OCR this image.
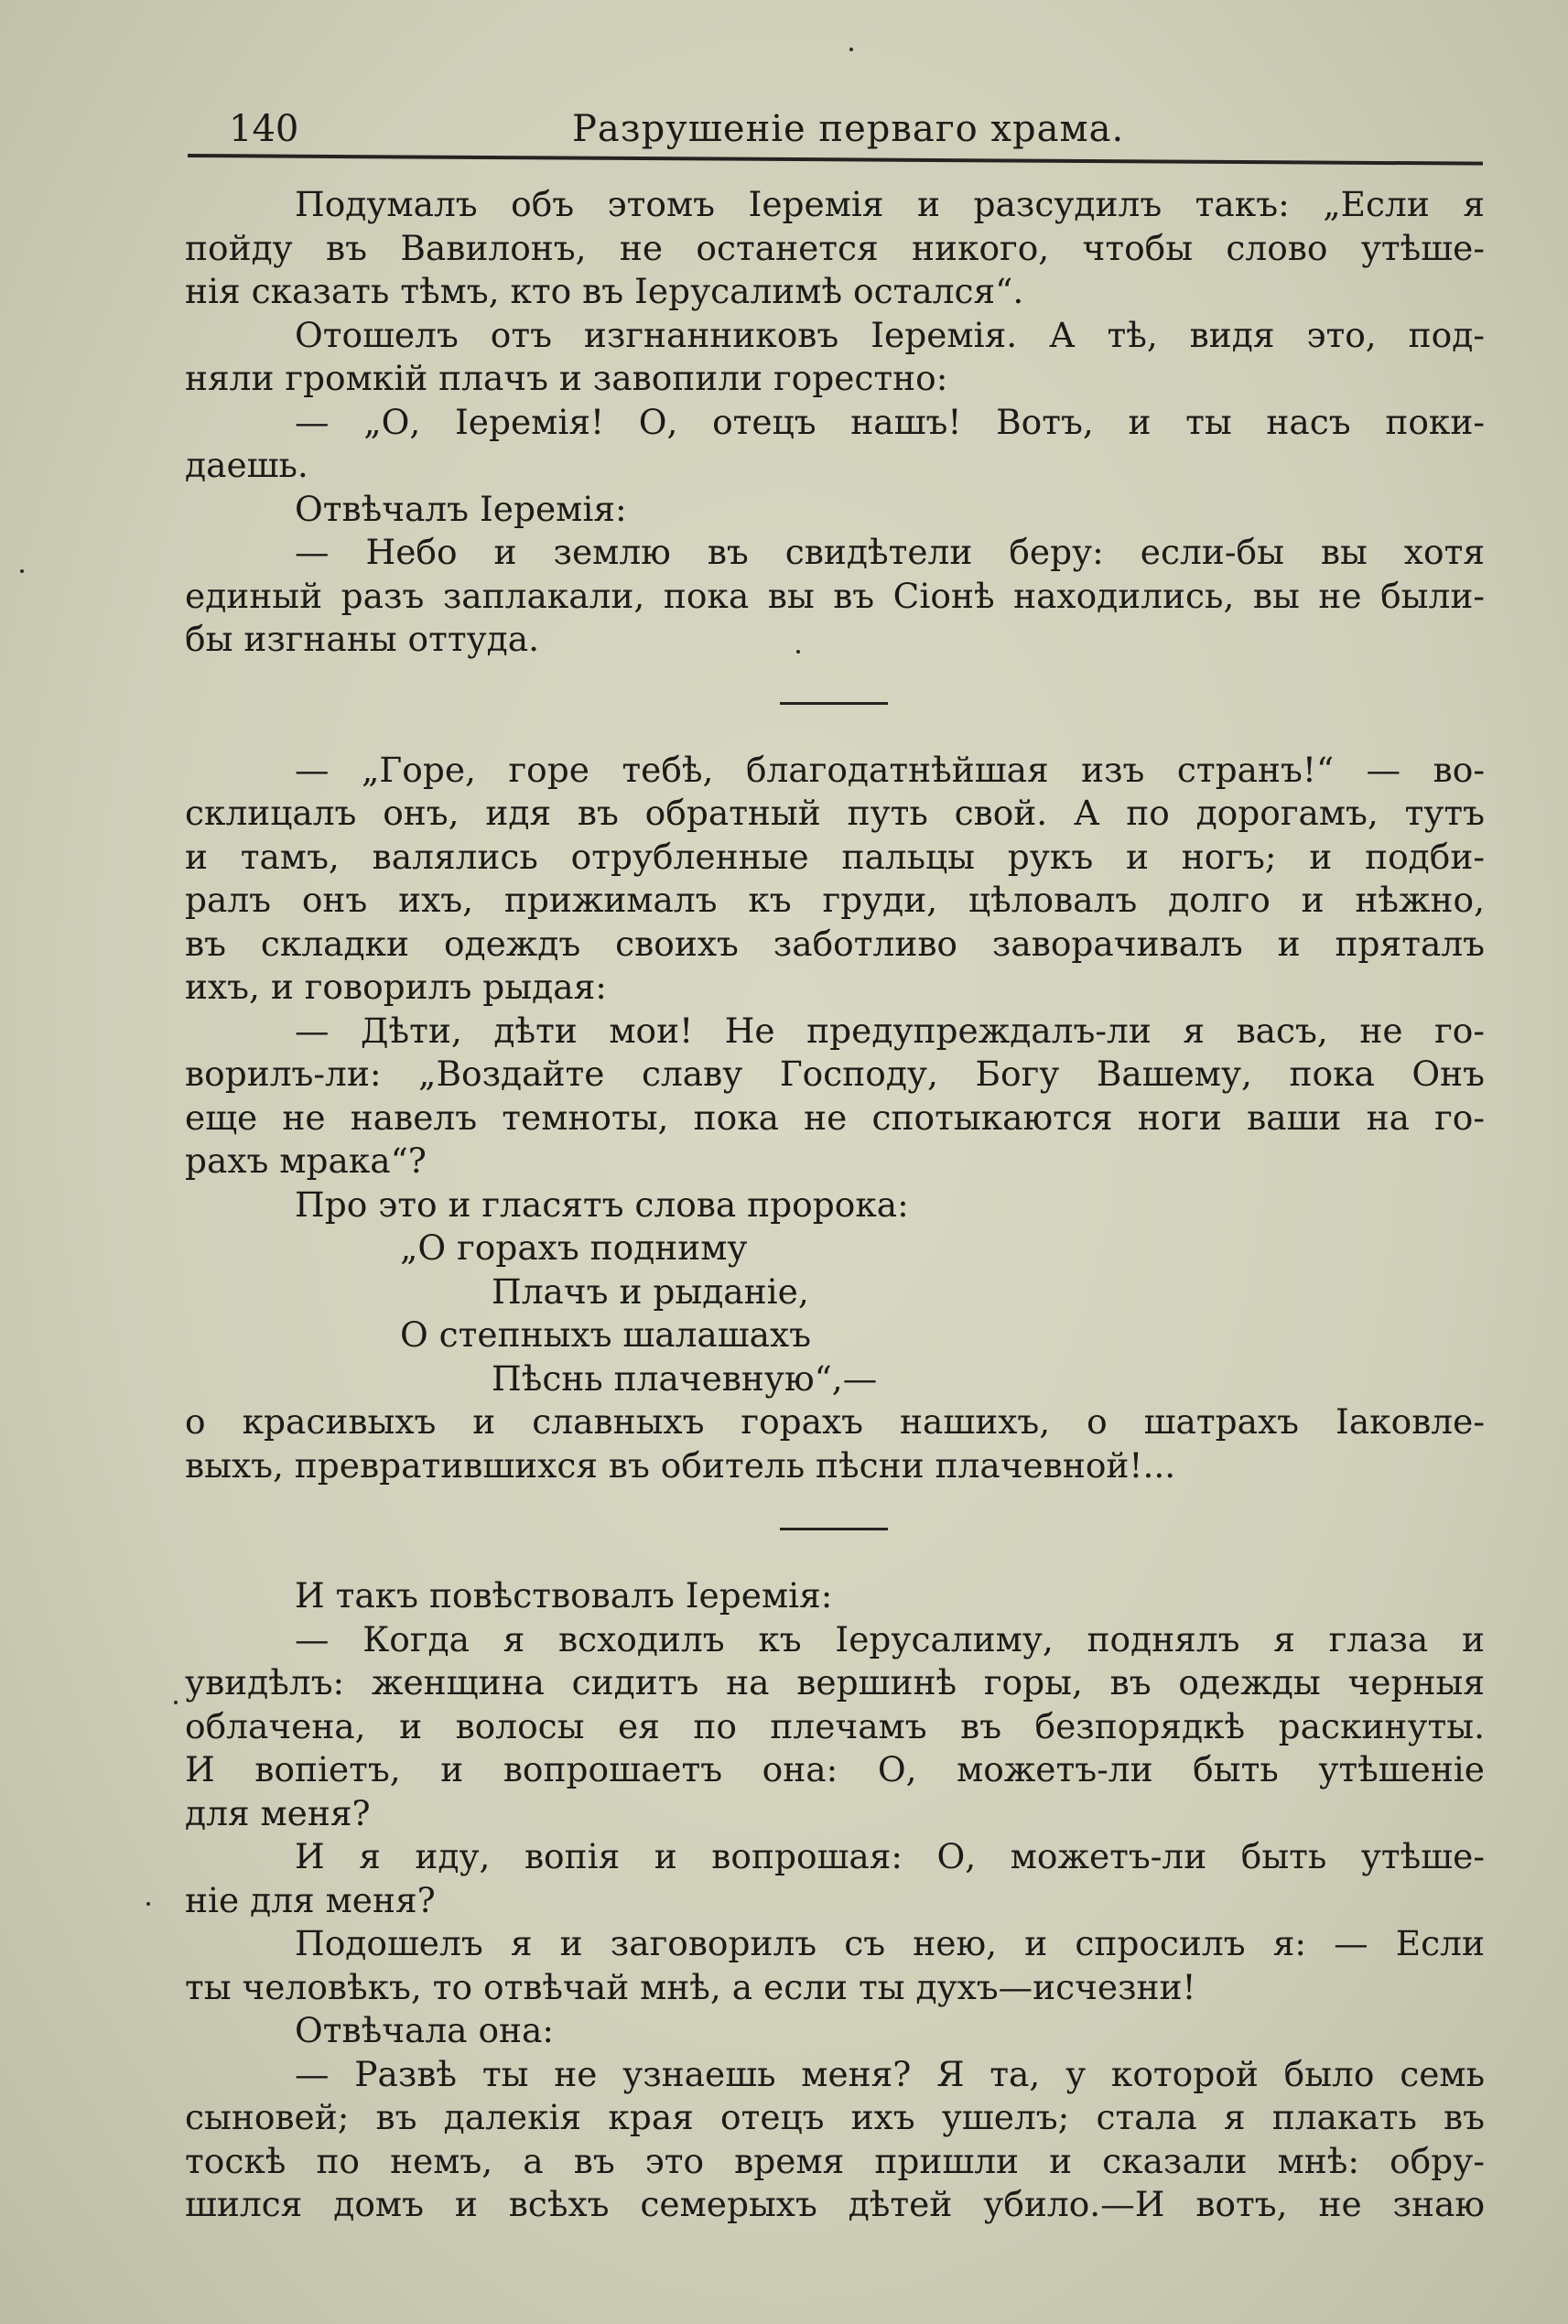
140	Разрушеніе перваго храма.
Подумалъ объ этомъ Іеремія и разсудилъ такъ: „Если я
пойду въ Вавилонъ, не останется никого, чтобы слово утѣше-
нія сказать тѣмъ, кто въ Іерусалимѣ остался“.
Отошелъ отъ изгнанниковъ Іеремія. А тѣ, видя это, под-
няли громкій плачъ и завопили горестно:
— „О, Іеремія! О, отецъ нашъ! Вотъ, и ты насъ поки-
даешь.
Отвѣчалъ Іеремія:
— Небо и землю въ свидѣтели беру: если-бы вы хотя
единый разъ заплакали, пока вы въ Сіонѣ находились, вы не были-
бы изгнаны оттуда.
— „Горе, горе тебѣ, благодатнѣйшая изъ странъ!“ — во-
склицалъ онъ, идя въ обратный путь свой. А по дорогамъ, тутъ
и тамъ, валялись отрубленные пальцы рукъ и ногъ; и подби-
ралъ онъ ихъ, прижималъ къ груди, цѣловалъ долго и нѣжно,
въ складки одеждъ своихъ заботливо заворачивалъ и пряталъ
ихъ, и говорилъ рыдая:
— Дѣти, дѣти мои! Не предупреждалъ-ли я васъ, не го-
ворилъ-ли: „Воздайте славу Господу, Богу Вашему, пока Онъ
еще не навелъ темноты, пока не спотыкаются ноги ваши на го-
рахъ мрака“?
Про это и гласятъ слова пророка:
„О горахъ подниму
Плачъ и рыданіе,
О степныхъ шалашахъ
Пѣснь плачевную“,—
о красивыхъ и славныхъ горахъ нашихъ, о шатрахъ Іаковле-
выхъ, превратившихся въ обитель пѣсни плачевной!...
И такъ повѣствовалъ Іеремія:
— Когда я всходилъ къ Іерусалиму, поднялъ я глаза и
увидѣлъ: женщина сидитъ на вершинѣ горы, въ одежды черныя
облачена, и волосы ея по плечамъ въ безпорядкѣ раскинуты.
И вопіетъ, и вопрошаетъ она: О, можетъ-ли быть утѣшеніе
для меня?
И я иду, вопія и вопрошая: О, можетъ-ли быть утѣше-
ніе для меня?
Подошелъ я и заговорилъ съ нею, и спросилъ я: — Если
ты человѣкъ, то отвѣчай мнѣ, а если ты духъ—исчезни!
Отвѣчала она:
— Развѣ ты не узнаешь меня? Я та, у которой было семь
сыновей; въ далекія края отецъ ихъ ушелъ; стала я плакать въ
тоскѣ по немъ, а въ это время пришли и сказали мнѣ: обру-
шился домъ и всѣхъ семерыхъ дѣтей убило.—И вотъ, не знаю
